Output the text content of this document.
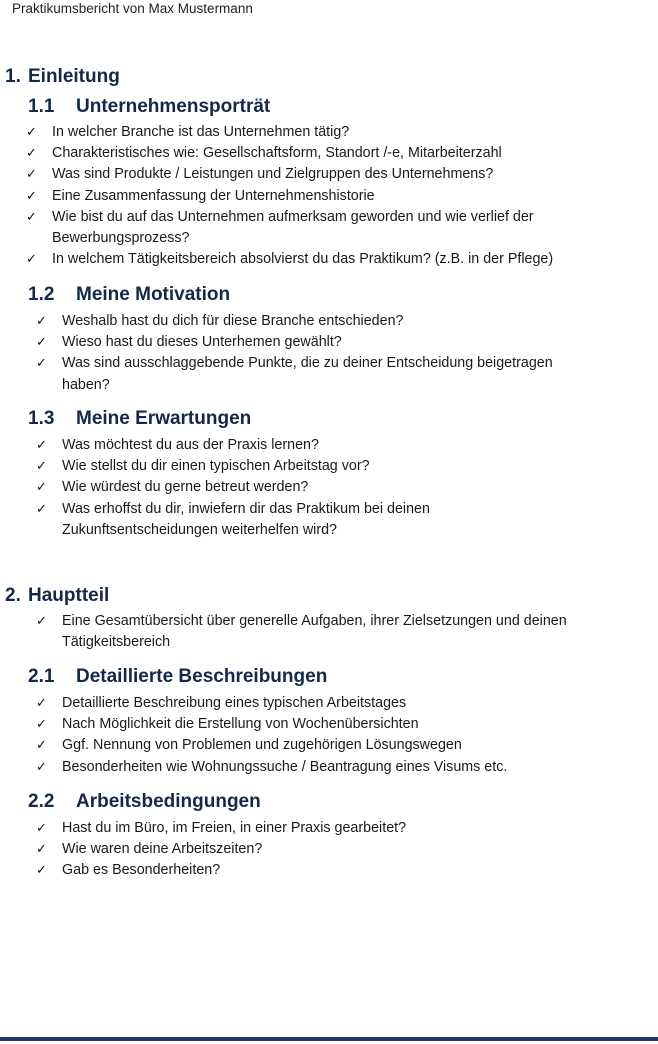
Praktikumsbericht von Max Mustermann
1. Einleitung
1.1 Unternehmensporträt
✓ In welcher Branche ist das Unternehmen tätig?
✓ Charakteristisches wie: Gesellschaftsform, Standort /-e, Mitarbeiterzahl
✓ Was sind Produkte / Leistungen und Zielgruppen des Unternehmens?
✓ Eine Zusammenfassung der Unternehmenshistorie
✓ Wie bist du auf das Unternehmen aufmerksam geworden und wie verlief der Bewerbungsprozess?
✓ In welchem Tätigkeitsbereich absolvierst du das Praktikum? (z.B. in der Pflege)
1.2 Meine Motivation
✓ Weshalb hast du dich für diese Branche entschieden?
✓ Wieso hast du dieses Unterhemen gewählt?
✓ Was sind ausschlaggebende Punkte, die zu deiner Entscheidung beigetragen haben?
1.3 Meine Erwartungen
✓ Was möchtest du aus der Praxis lernen?
✓ Wie stellst du dir einen typischen Arbeitstag vor?
✓ Wie würdest du gerne betreut werden?
✓ Was erhoffst du dir, inwiefern dir das Praktikum bei deinen Zukunftsentscheidungen weiterhelfen wird?
2. Hauptteil
✓ Eine Gesamtübersicht über generelle Aufgaben, ihrer Zielsetzungen und deinen Tätigkeitsbereich
2.1 Detaillierte Beschreibungen
✓ Detaillierte Beschreibung eines typischen Arbeitstages
✓ Nach Möglichkeit die Erstellung von Wochenübersichten
✓ Ggf. Nennung von Problemen und zugehörigen Lösungswegen
✓ Besonderheiten wie Wohnungssuche / Beantragung eines Visums etc.
2.2 Arbeitsbedingungen
✓ Hast du im Büro, im Freien, in einer Praxis gearbeitet?
✓ Wie waren deine Arbeitszeiten?
✓ Gab es Besonderheiten?
